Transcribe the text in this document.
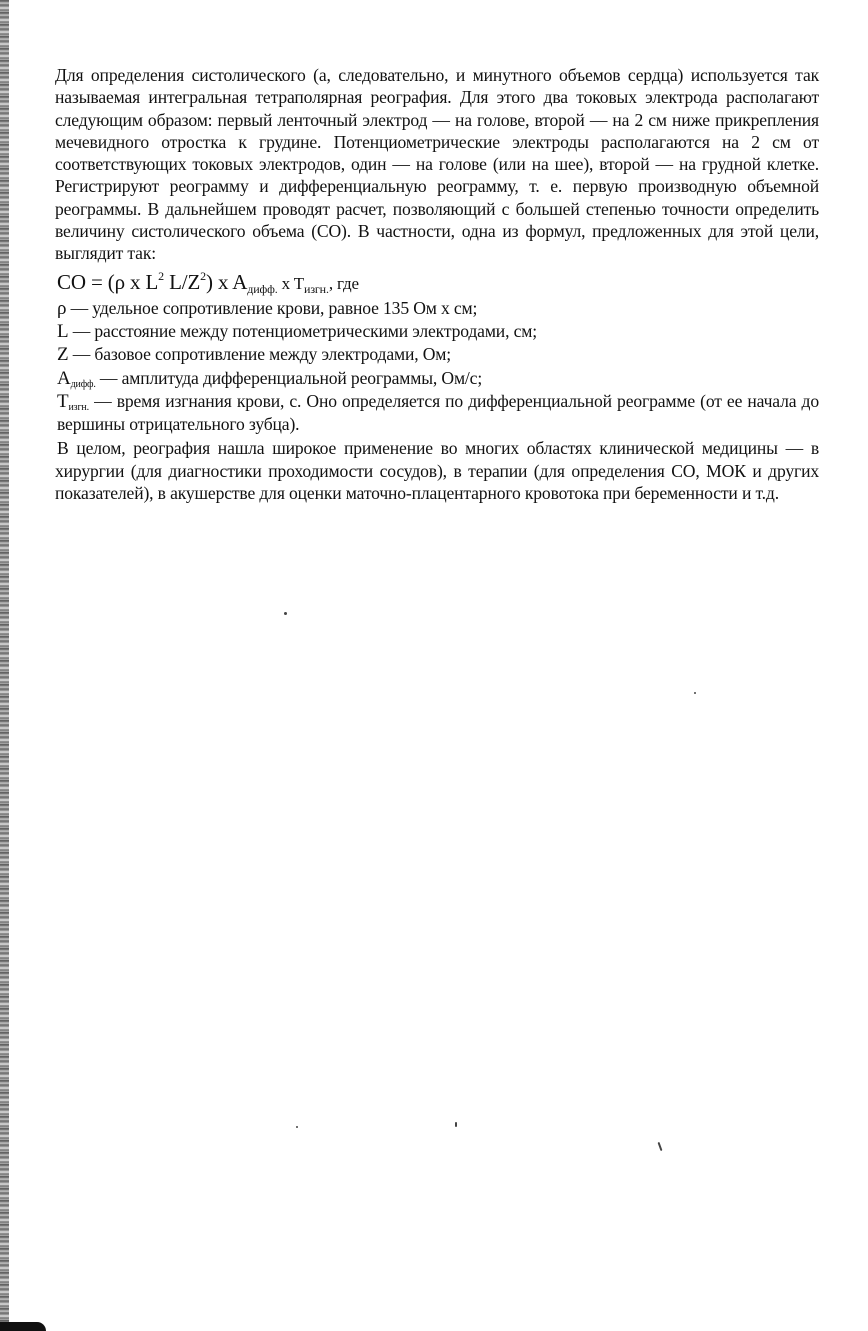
Для определения систолического (а, следовательно, и минутного объемов сердца) используется так называемая интегральная тетраполярная реография. Для этого два токовых электрода располагают следующим образом: первый ленточный электрод — на голове, второй — на 2 см ниже прикрепления мечевидного отростка к грудине. Потенциометрические электроды располагаются на 2 см от соответствующих токовых электродов, один — на голове (или на шее), второй — на грудной клетке. Регистрируют реограмму и дифференциальную реограмму, т. е. первую производную объемной реограммы. В дальнейшем проводят расчет, позволяющий с большей степенью точности определить величину систолического объема (СО). В частности, одна из формул, предложенных для этой цели, выглядит так:

CO = (ρ x $L^2$ $L/Z^2$) x $A_{дифф.}$ x $T_{изгн.}$, где

ρ — удельное сопротивление крови, равное 135 Ом x см;

L — расстояние между потенциометрическими электродами, см;

Z — базовое сопротивление между электродами, Ом;

$A_{дифф.}$ — амплитуда дифференциальной реограммы, Ом/с;

$T_{изгн.}$ — время изгнания крови, с. Оно определяется по дифференциальной реограмме (от ее начала до вершины отрицательного зубца).

В целом, реография нашла широкое применение во многих областях клинической медицины — в хирургии (для диагностики проходимости сосудов), в терапии (для определения СО, МОК и других показателей), в акушерстве для оценки маточно-плацентарного кровотока при беременности и т.д.
